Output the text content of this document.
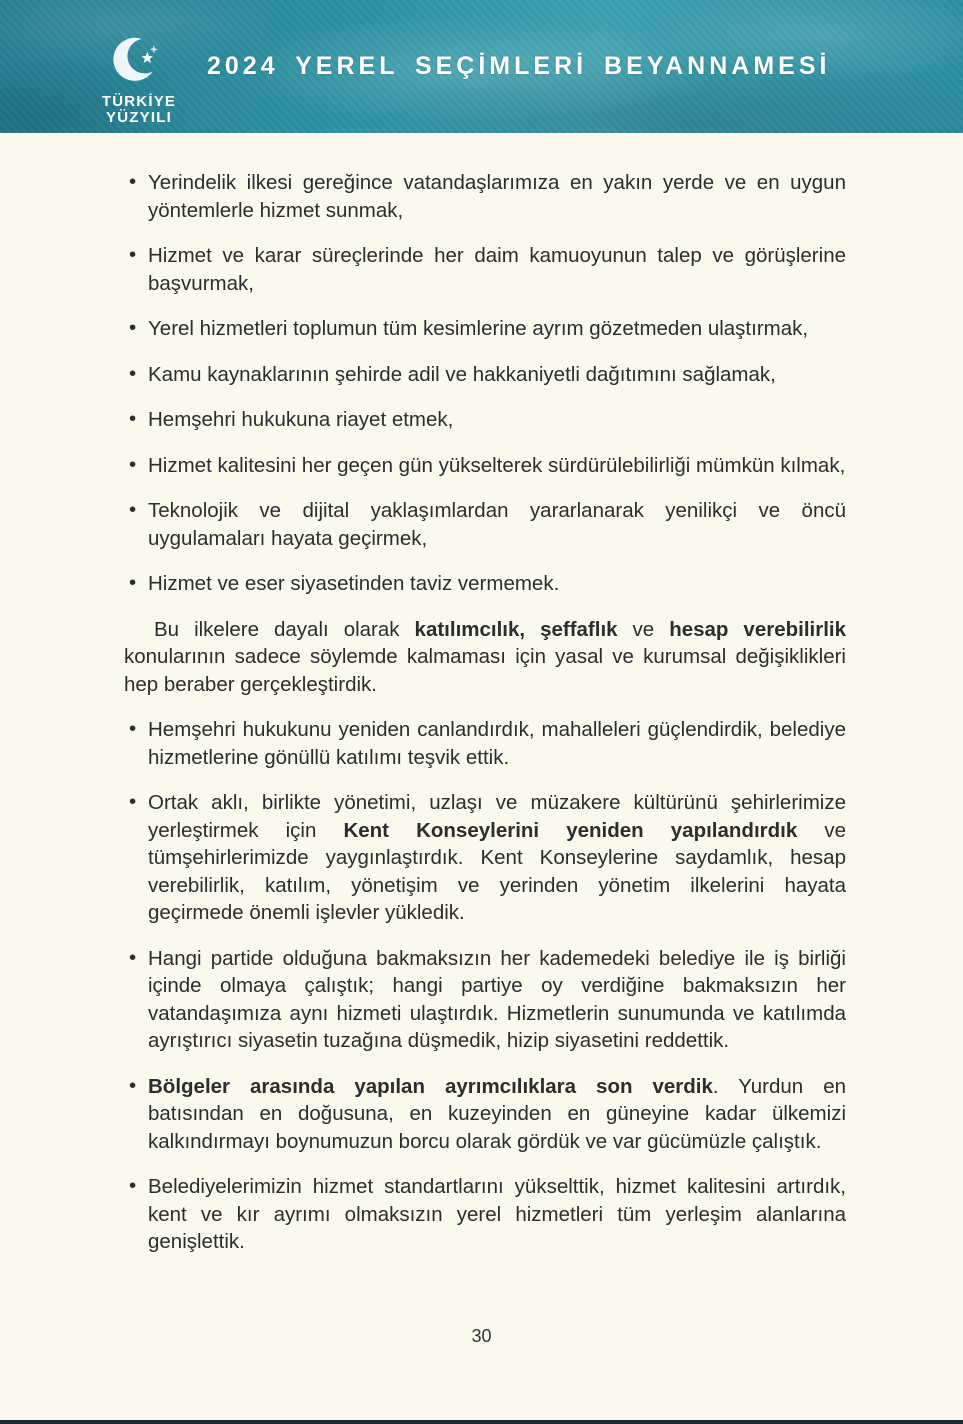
TÜRKİYE
YÜZYILI
2024 YEREL SEÇİMLERİ BEYANNAMESİ
• Yerindelik ilkesi gereğince vatandaşlarımıza en yakın yerde ve en uygun yöntemlerle hizmet sunmak,
• Hizmet ve karar süreçlerinde her daim kamuoyunun talep ve görüşlerine başvurmak,
• Yerel hizmetleri toplumun tüm kesimlerine ayrım gözetmeden ulaştırmak,
• Kamu kaynaklarının şehirde adil ve hakkaniyetli dağıtımını sağlamak,
• Hemşehri hukukuna riayet etmek,
• Hizmet kalitesini her geçen gün yükselterek sürdürülebilirliği mümkün kılmak,
• Teknolojik ve dijital yaklaşımlardan yararlanarak yenilikçi ve öncü uygulamaları hayata geçirmek,
• Hizmet ve eser siyasetinden taviz vermemek.
Bu ilkelere dayalı olarak katılımcılık, şeffaflık ve hesap verebilirlik konularının sadece söylemde kalmaması için yasal ve kurumsal değişiklikleri hep beraber gerçekleştirdik.
• Hemşehri hukukunu yeniden canlandırdık, mahalleleri güçlendirdik, belediye hizmetlerine gönüllü katılımı teşvik ettik.
• Ortak aklı, birlikte yönetimi, uzlaşı ve müzakere kültürünü şehirlerimize yerleştirmek için Kent Konseylerini yeniden yapılandırdık ve tümşehirlerimizde yaygınlaştırdık. Kent Konseylerine saydamlık, hesap verebilirlik, katılım, yönetişim ve yerinden yönetim ilkelerini hayata geçirmede önemli işlevler yükledik.
• Hangi partide olduğuna bakmaksızın her kademedeki belediye ile iş birliği içinde olmaya çalıştık; hangi partiye oy verdiğine bakmaksızın her vatandaşımıza aynı hizmeti ulaştırdık. Hizmetlerin sunumunda ve katılımda ayrıştırıcı siyasetin tuzağına düşmedik, hizip siyasetini reddettik.
• Bölgeler arasında yapılan ayrımcılıklara son verdik. Yurdun en batısından en doğusuna, en kuzeyinden en güneyine kadar ülkemizi kalkındırmayı boynumuzun borcu olarak gördük ve var gücümüzle çalıştık.
• Belediyelerimizin hizmet standartlarını yükselttik, hizmet kalitesini artırdık, kent ve kır ayrımı olmaksızın yerel hizmetleri tüm yerleşim alanlarına genişlettik.
30
